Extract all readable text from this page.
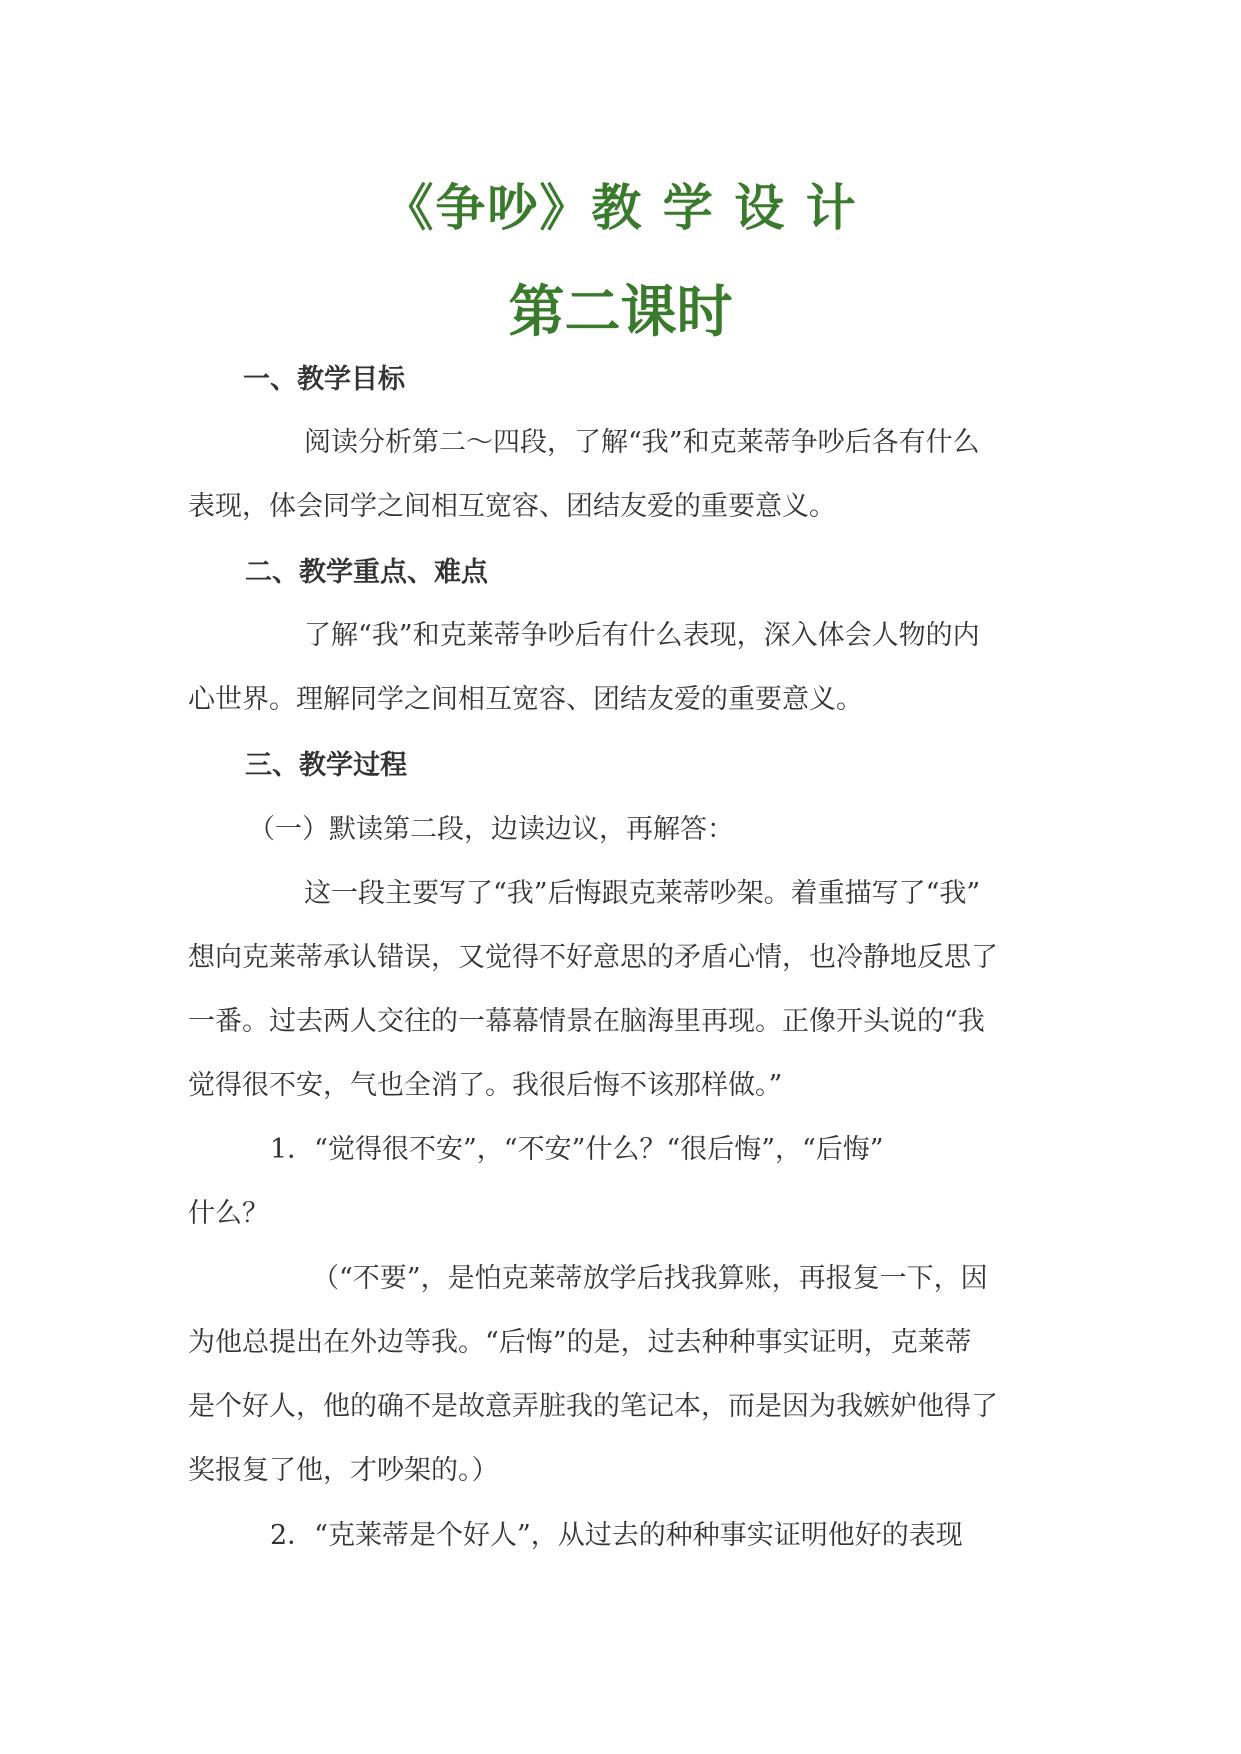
《争吵》教 学 设 计
第二课时
一、教学目标
阅读分析第二～四段，了解“我”和克莱蒂争吵后各有什么
表现，体会同学之间相互宽容、团结友爱的重要意义。
二、教学重点、难点
了解“我”和克莱蒂争吵后有什么表现，深入体会人物的内
心世界。理解同学之间相互宽容、团结友爱的重要意义。
三、教学过程
（一）默读第二段，边读边议，再解答：
这一段主要写了“我”后悔跟克莱蒂吵架。着重描写了“我”
想向克莱蒂承认错误，又觉得不好意思的矛盾心情，也冷静地反思了
一番。过去两人交往的一幕幕情景在脑海里再现。正像开头说的“我
觉得很不安，气也全消了。我很后悔不该那样做。”
1．“觉得很不安”，“不安”什么？“很后悔”，“后悔”
什么？
（“不要”，是怕克莱蒂放学后找我算账，再报复一下，因
为他总提出在外边等我。“后悔”的是，过去种种事实证明，克莱蒂
是个好人，他的确不是故意弄脏我的笔记本，而是因为我嫉妒他得了
奖报复了他，才吵架的。）
2．“克莱蒂是个好人”，从过去的种种事实证明他好的表现
